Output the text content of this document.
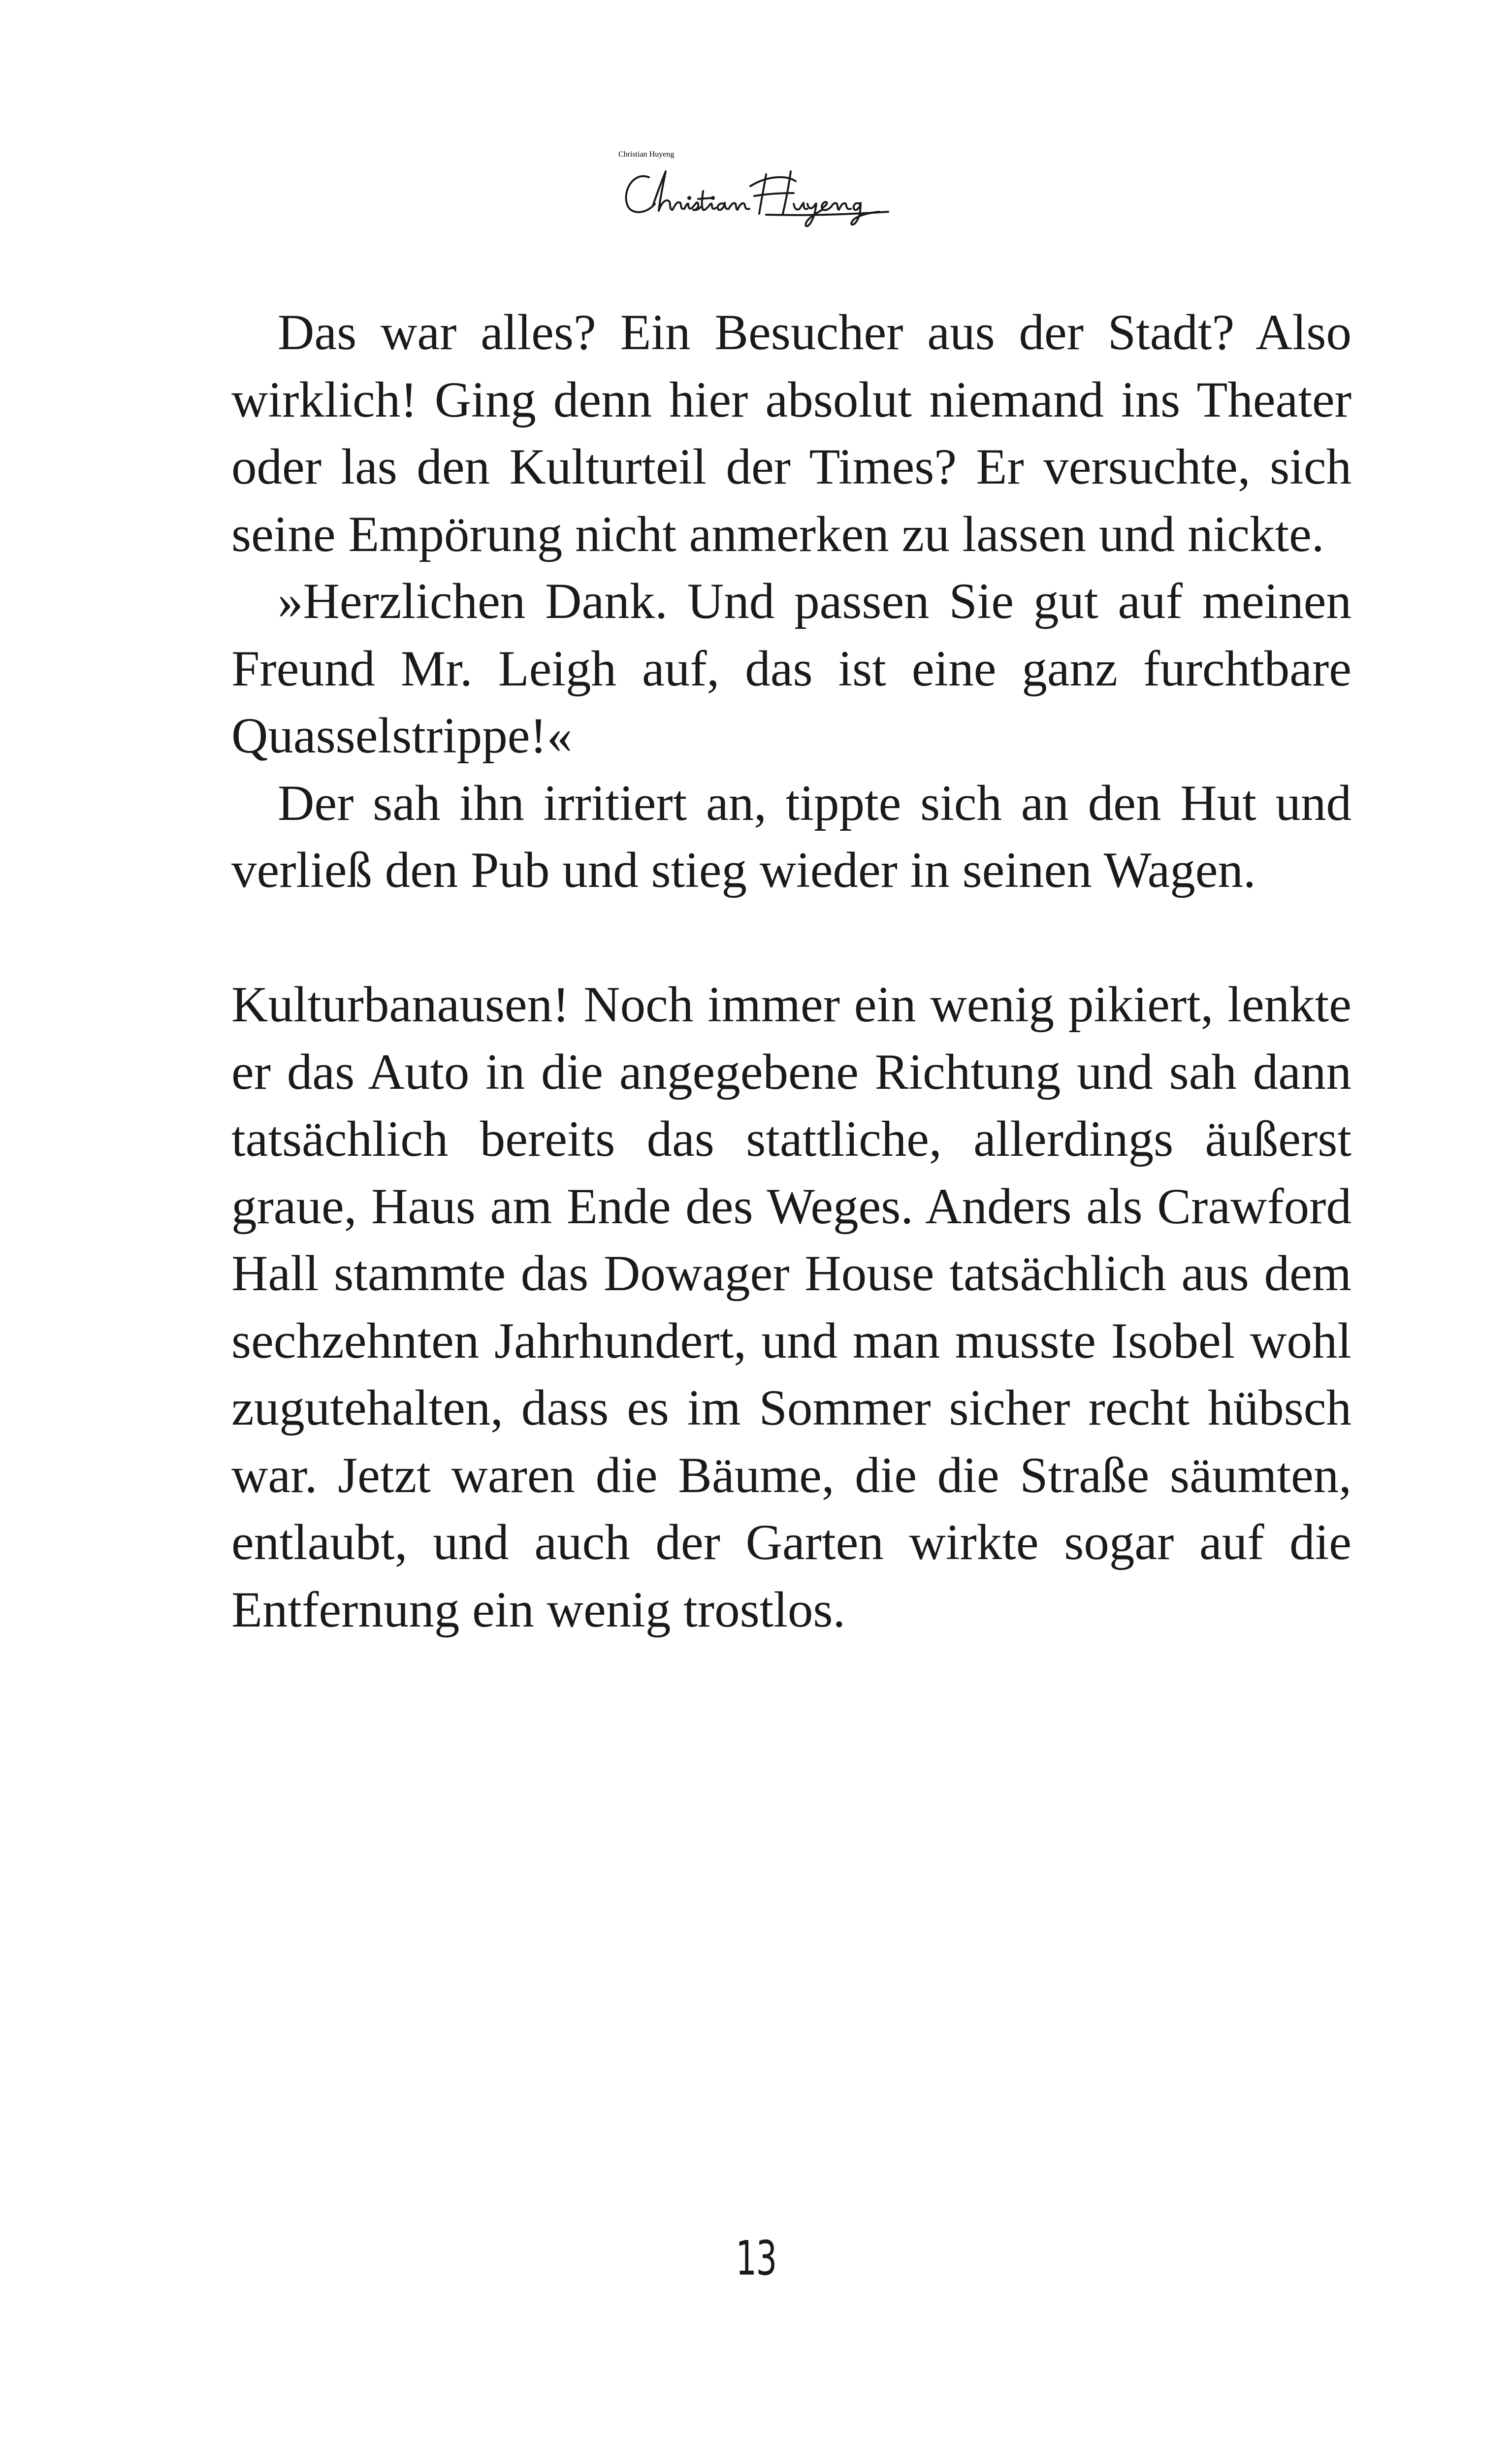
Christian Huyeng

Das war alles? Ein Besucher aus der Stadt? Also wirklich! Ging denn hier absolut niemand ins Theater oder las den Kulturteil der Times? Er versuchte, sich seine Empörung nicht anmerken zu lassen und nickte.

»Herzlichen Dank. Und passen Sie gut auf meinen Freund Mr. Leigh auf, das ist eine ganz furchtbare Quasselstrippe!«

Der sah ihn irritiert an, tippte sich an den Hut und verließ den Pub und stieg wieder in seinen Wagen.

Kulturbanausen! Noch immer ein wenig pikiert, lenkte er das Auto in die angegebene Richtung und sah dann tatsächlich bereits das stattliche, allerdings äußerst graue, Haus am Ende des Weges. Anders als Crawford Hall stammte das Dowager House tatsächlich aus dem sechzehnten Jahrhundert, und man musste Isobel wohl zugutehalten, dass es im Sommer sicher recht hübsch war. Jetzt waren die Bäume, die die Straße säumten, entlaubt, und auch der Garten wirkte sogar auf die Entfernung ein wenig trostlos.

13
